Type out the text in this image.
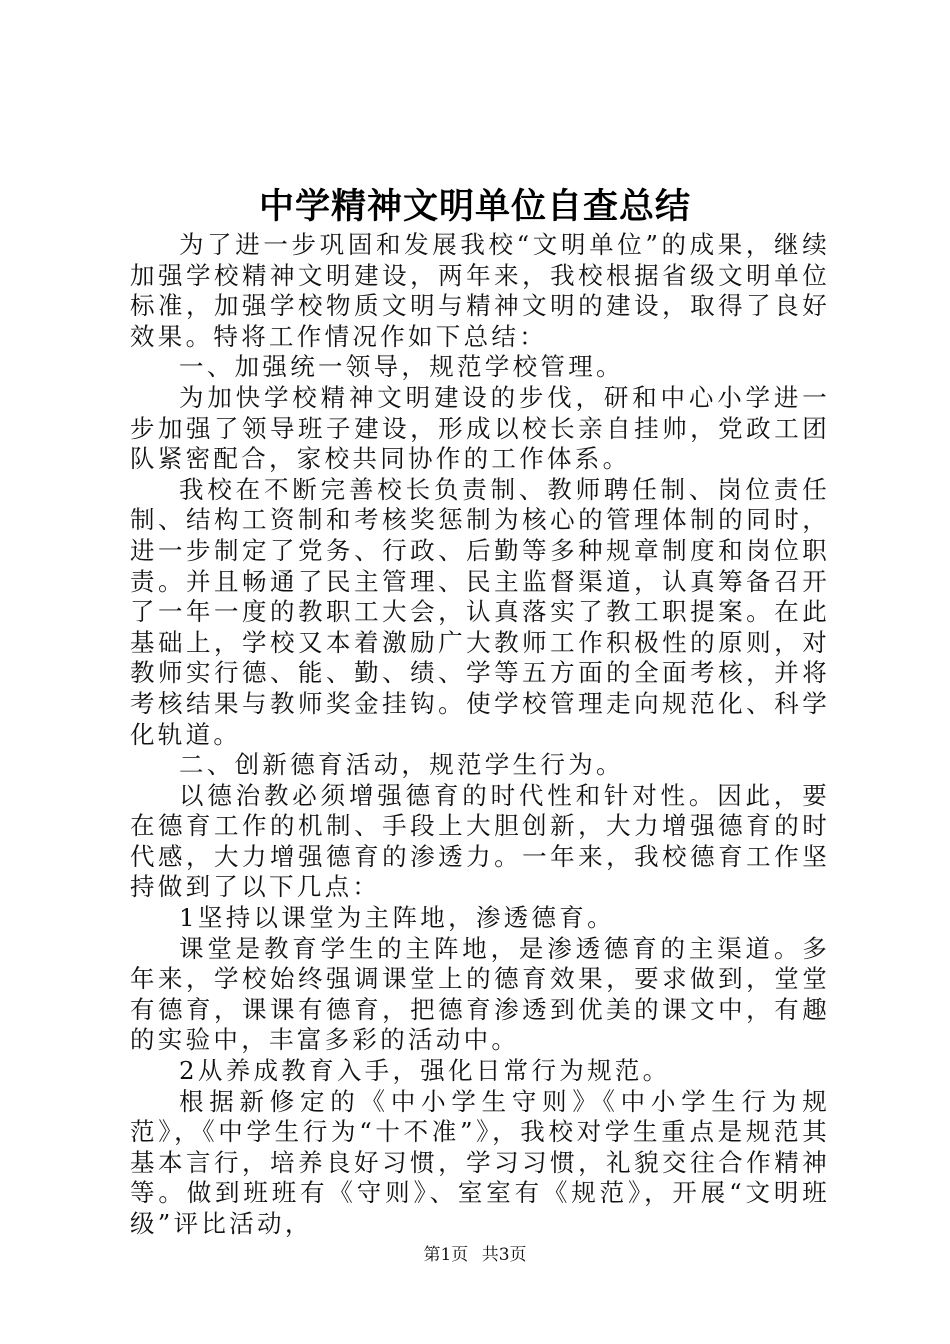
中学精神文明单位自查总结

为了进一步巩固和发展我校“文明单位”的成果，继续加强学校精神文明建设，两年来，我校根据省级文明单位标准，加强学校物质文明与精神文明的建设，取得了良好效果。特将工作情况作如下总结：

一、加强统一领导，规范学校管理。

为加快学校精神文明建设的步伐，研和中心小学进一步加强了领导班子建设，形成以校长亲自挂帅，党政工团队紧密配合，家校共同协作的工作体系。

我校在不断完善校长负责制、教师聘任制、岗位责任制、结构工资制和考核奖惩制为核心的管理体制的同时，进一步制定了党务、行政、后勤等多种规章制度和岗位职责。并且畅通了民主管理、民主监督渠道，认真筹备召开了一年一度的教职工大会，认真落实了教工职提案。在此基础上，学校又本着激励广大教师工作积极性的原则，对教师实行德、能、勤、绩、学等五方面的全面考核，并将考核结果与教师奖金挂钩。使学校管理走向规范化、科学化轨道。

二、创新德育活动，规范学生行为。

以德治教必须增强德育的时代性和针对性。因此，要在德育工作的机制、手段上大胆创新，大力增强德育的时代感，大力增强德育的渗透力。一年来，我校德育工作坚持做到了以下几点：

1坚持以课堂为主阵地，渗透德育。

课堂是教育学生的主阵地，是渗透德育的主渠道。多年来，学校始终强调课堂上的德育效果，要求做到，堂堂有德育，课课有德育，把德育渗透到优美的课文中，有趣的实验中，丰富多彩的活动中。

2从养成教育入手，强化日常行为规范。

根据新修定的《中小学生守则》《中小学生行为规范》，《中学生行为“十不准”》，我校对学生重点是规范其基本言行，培养良好习惯，学习习惯，礼貌交往合作精神等。做到班班有《守则》、室室有《规范》，开展“文明班级”评比活动，

第1页 共3页
